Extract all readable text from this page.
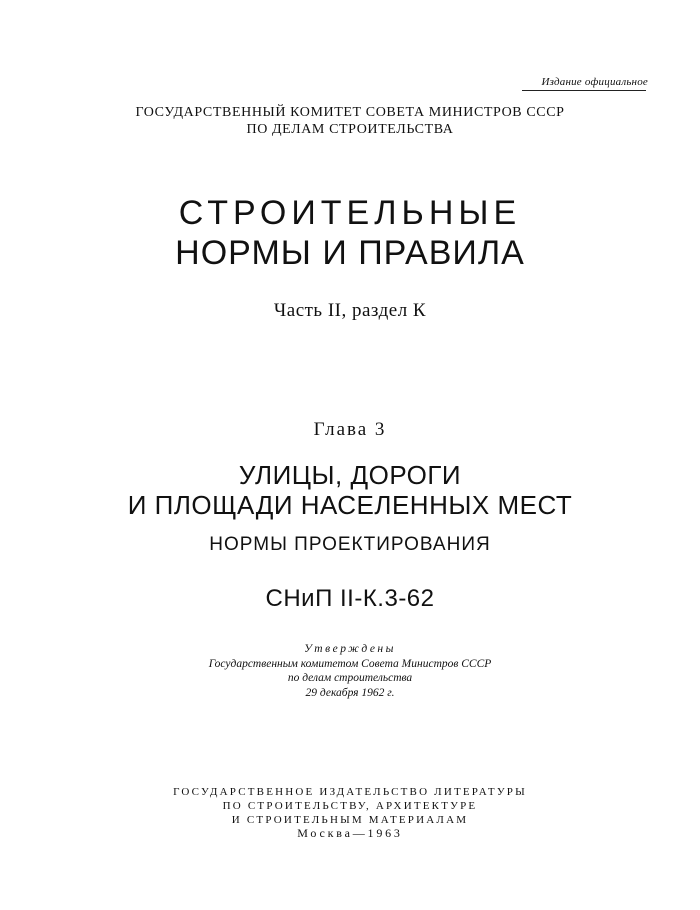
Издание официальное
ГОСУДАРСТВЕННЫЙ КОМИТЕТ СОВЕТА МИНИСТРОВ СССР
ПО ДЕЛАМ СТРОИТЕЛЬСТВА
СТРОИТЕЛЬНЫЕ
НОРМЫ И ПРАВИЛА
Часть II, раздел К
Глава 3
УЛИЦЫ, ДОРОГИ
И ПЛОЩАДИ НАСЕЛЕННЫХ МЕСТ
НОРМЫ ПРОЕКТИРОВАНИЯ
СНиП II-К.3-62
Утверждены
Государственным комитетом Совета Министров СССР
по делам строительства
29 декабря 1962 г.
ГОСУДАРСТВЕННОЕ ИЗДАТЕЛЬСТВО ЛИТЕРАТУРЫ
ПО СТРОИТЕЛЬСТВУ, АРХИТЕКТУРЕ
И СТРОИТЕЛЬНЫМ МАТЕРИАЛАМ
Москва—1963
